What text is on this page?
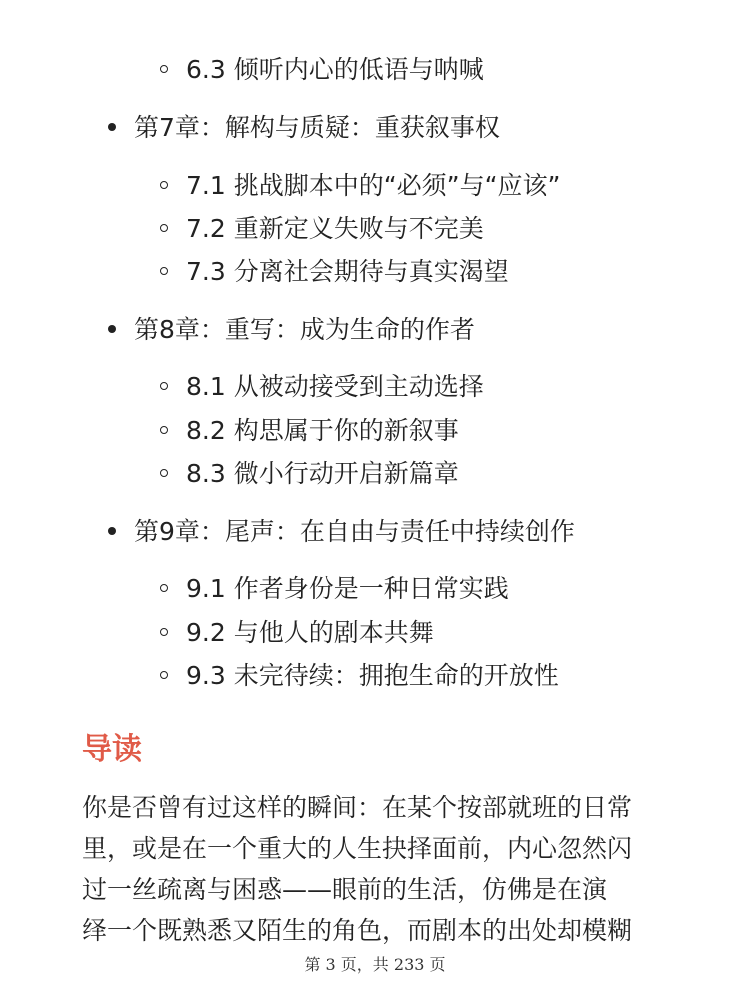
6.3 倾听内心的低语与呐喊
第7章：解构与质疑：重获叙事权
7.1 挑战脚本中的“必须”与“应该”
7.2 重新定义失败与不完美
7.3 分离社会期待与真实渴望
第8章：重写：成为生命的作者
8.1 从被动接受到主动选择
8.2 构思属于你的新叙事
8.3 微小行动开启新篇章
第9章：尾声：在自由与责任中持续创作
9.1 作者身份是一种日常实践
9.2 与他人的剧本共舞
9.3 未完待续：拥抱生命的开放性
导读
你是否曾有过这样的瞬间：在某个按部就班的日常
里，或是在一个重大的人生抉择面前，内心忽然闪
过一丝疏离与困惑——眼前的生活，仿佛是在演
绎一个既熟悉又陌生的角色，而剧本的出处却模糊
第 3 页，共 233 页
